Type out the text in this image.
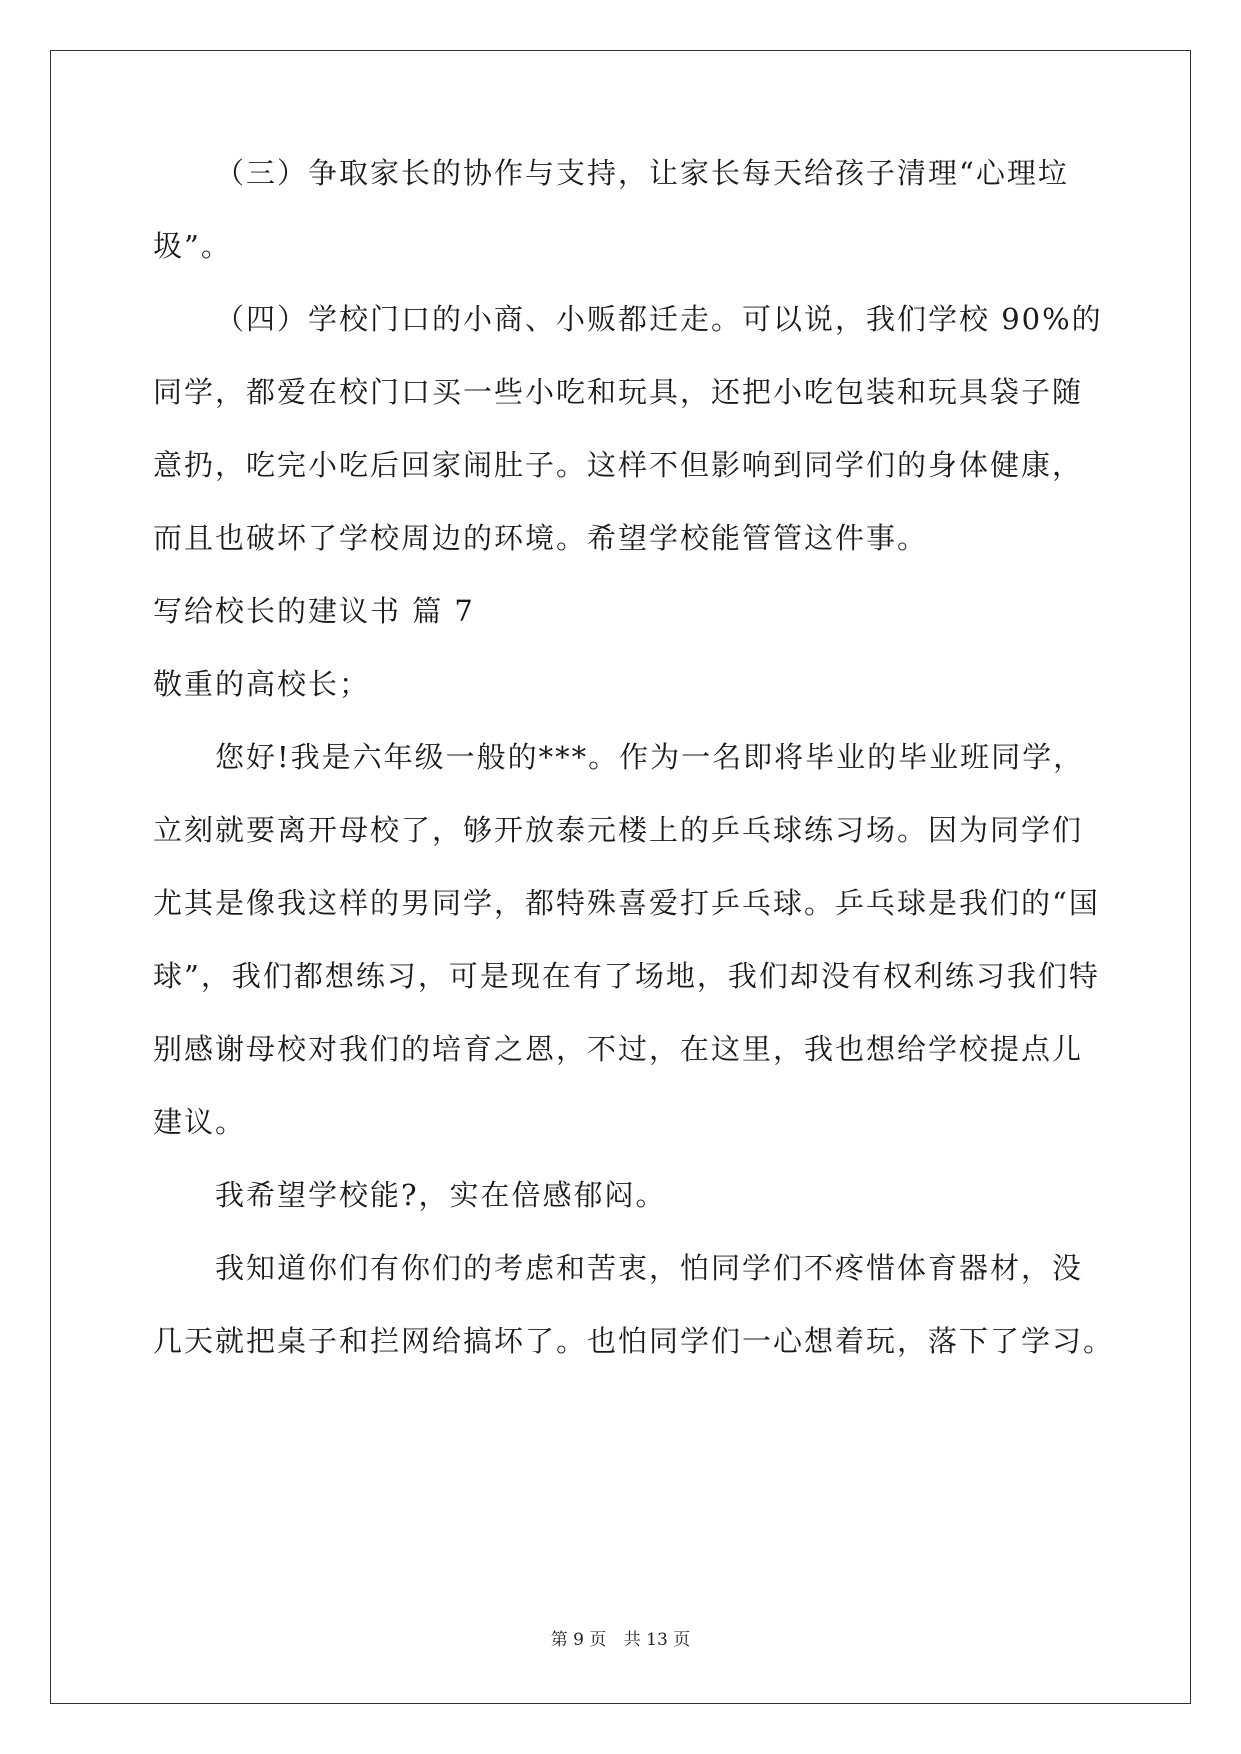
（三）争取家长的协作与支持，让家长每天给孩子清理“心理垃
圾”。
（四）学校门口的小商、小贩都迁走。可以说，我们学校 90%的
同学，都爱在校门口买一些小吃和玩具，还把小吃包装和玩具袋子随
意扔，吃完小吃后回家闹肚子。这样不但影响到同学们的身体健康，
而且也破坏了学校周边的环境。希望学校能管管这件事。
写给校长的建议书 篇 7
敬重的高校长；
您好!我是六年级一般的***。作为一名即将毕业的毕业班同学，
立刻就要离开母校了，够开放泰元楼上的乒乓球练习场。因为同学们
尤其是像我这样的男同学，都特殊喜爱打乒乓球。乒乓球是我们的“国
球”，我们都想练习，可是现在有了场地，我们却没有权利练习我们特
别感谢母校对我们的培育之恩，不过，在这里，我也想给学校提点儿
建议。
我希望学校能?，实在倍感郁闷。
我知道你们有你们的考虑和苦衷，怕同学们不疼惜体育器材，没
几天就把桌子和拦网给搞坏了。也怕同学们一心想着玩，落下了学习。
第 9 页 共 13 页
